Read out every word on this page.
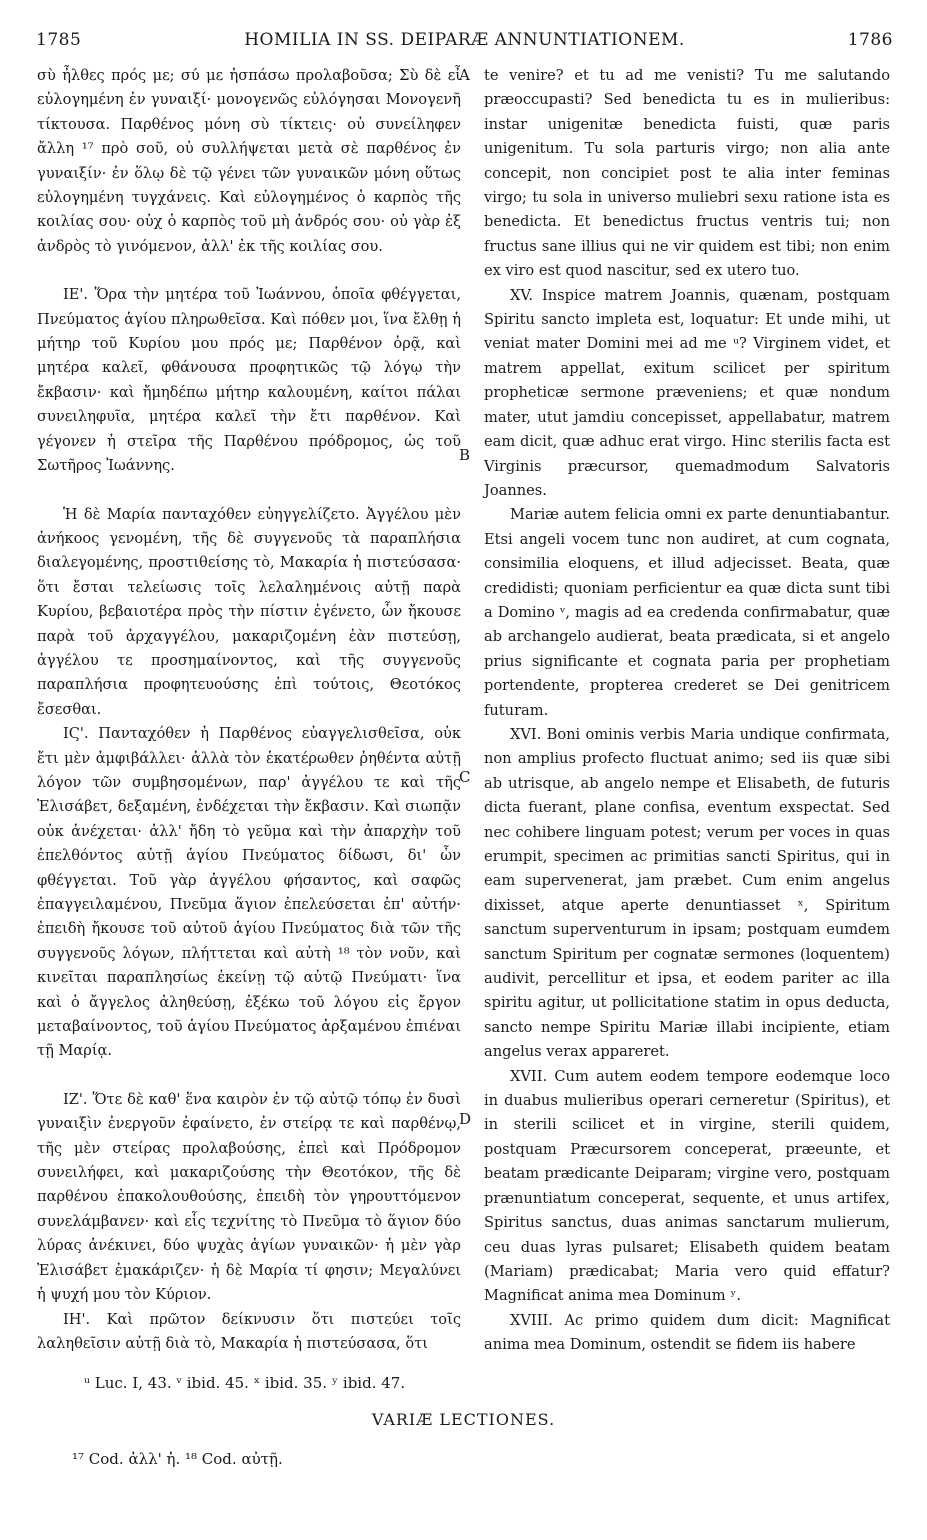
1785	HOMILIA IN SS. DEIPARÆ ANNUNTIATIONEM.	1786

σὺ ἦλθες πρός με; σύ με ἠσπάσω προλαβοῦσα; Σὺ δὲ εἶ εὐλογημένη ἐν γυναιξί· μονογενῶς εὐλόγησαι Μονογενῆ τίκτουσα. Παρθένος μόνη σὺ τίκτεις· οὐ συνείληφεν ἄλλη ¹⁷ πρὸ σοῦ, οὐ συλλήψεται μετὰ σὲ παρθένος ἐν γυναιξίν· ἐν ὅλῳ δὲ τῷ γένει τῶν γυναικῶν μόνη οὕτως εὐλογημένη τυγχάνεις. Καὶ εὐλογημένος ὁ καρπὸς τῆς κοιλίας σου· οὐχ ὁ καρπὸς τοῦ μὴ ἀνδρός σου· οὐ γὰρ ἐξ ἀνδρὸς τὸ γινόμενον, ἀλλ' ἐκ τῆς κοιλίας σου.

ΙΕ'. Ὅρα τὴν μητέρα τοῦ Ἰωάννου, ὁποῖα φθέγγεται, Πνεύματος ἁγίου πληρωθεῖσα. Καὶ πόθεν μοι, ἵνα ἔλθῃ ἡ μήτηρ τοῦ Κυρίου μου πρός με; Παρθένον ὁρᾷ, καὶ μητέρα καλεῖ, φθάνουσα προφητικῶς τῷ λόγῳ τὴν ἔκβασιν· καὶ ἤμηδέπω μήτηρ καλουμένη, καίτοι πάλαι συνειληφυῖα, μητέρα καλεῖ τὴν ἔτι παρθένον. Καὶ γέγονεν ἡ στεῖρα τῆς Παρθένου πρόδρομος, ὡς τοῦ Σωτῆρος Ἰωάννης.

Ἡ δὲ Μαρία πανταχόθεν εὐηγγελίζετο. Ἀγγέλου μὲν ἀνήκοος γενομένη, τῆς δὲ συγγενοῦς τὰ παραπλήσια διαλεγομένης, προστιθείσης τὸ, Μακαρία ἡ πιστεύσασα· ὅτι ἔσται τελείωσις τοῖς λελαλημένοις αὐτῇ παρὰ Κυρίου, βεβαιοτέρα πρὸς τὴν πίστιν ἐγένετο, ὧν ἤκουσε παρὰ τοῦ ἀρχαγγέλου, μακαριζομένη ἐὰν πιστεύσῃ, ἀγγέλου τε προσημαίνοντος, καὶ τῆς συγγενοῦς παραπλήσια προφητευούσης ἐπὶ τούτοις, Θεοτόκος ἔσεσθαι.

ΙϚ'. Πανταχόθεν ἡ Παρθένος εὐαγγελισθεῖσα, οὐκ ἔτι μὲν ἀμφιβάλλει· ἀλλὰ τὸν ἑκατέρωθεν ῥηθέντα αὐτῇ λόγον τῶν συμβησομένων, παρ' ἀγγέλου τε καὶ τῆς Ἐλισάβετ, δεξαμένη, ἐνδέχεται τὴν ἔκβασιν. Καὶ σιωπᾷν οὐκ ἀνέχεται· ἀλλ' ἤδη τὸ γεῦμα καὶ τὴν ἀπαρχὴν τοῦ ἐπελθόντος αὐτῇ ἁγίου Πνεύματος δίδωσι, δι' ὧν φθέγγεται. Τοῦ γὰρ ἀγγέλου φήσαντος, καὶ σαφῶς ἐπαγγειλαμένου, Πνεῦμα ἅγιον ἐπελεύσεται ἐπ' αὐτήν· ἐπειδὴ ἤκουσε τοῦ αὐτοῦ ἁγίου Πνεύματος διὰ τῶν τῆς συγγενοῦς λόγων, πλήττεται καὶ αὐτὴ ¹⁸ τὸν νοῦν, καὶ κινεῖται παραπλησίως ἐκείνῃ τῷ αὐτῷ Πνεύματι· ἵνα καὶ ὁ ἄγγελος ἀληθεύσῃ, ἐξέκω τοῦ λόγου εἰς ἔργον μεταβαίνοντος, τοῦ ἁγίου Πνεύματος ἀρξαμένου ἐπιέναι τῇ Μαρίᾳ.

ΙΖ'. Ὅτε δὲ καθ' ἕνα καιρὸν ἐν τῷ αὐτῷ τόπῳ ἐν δυσὶ γυναιξὶν ἐνεργοῦν ἐφαίνετο, ἐν στείρᾳ τε καὶ παρθένῳ, τῆς μὲν στείρας προλαβούσης, ἐπεὶ καὶ Πρόδρομον συνειλήφει, καὶ μακαριζούσης τὴν Θεοτόκον, τῆς δὲ παρθένου ἐπακολουθούσης, ἐπειδὴ τὸν γηρουττόμενον συνελάμβανεν· καὶ εἷς τεχνίτης τὸ Πνεῦμα τὸ ἅγιον δύο λύρας ἀνέκινει, δύο ψυχὰς ἁγίων γυναικῶν· ἡ μὲν γὰρ Ἐλισάβετ ἐμακάριζεν· ἡ δὲ Μαρία τί φησιν; Μεγαλύνει ἡ ψυχή μου τὸν Κύριον.

ΙΗ'. Καὶ πρῶτον δείκνυσιν ὅτι πιστεύει τοῖς λαληθεῖσιν αὐτῇ διὰ τὸ, Μακαρία ἡ πιστεύσασα, ὅτι

te venire? et tu ad me venisti? Tu me salutando præoccupasti? Sed benedicta tu es in mulieribus: instar unigenitæ benedicta fuisti, quæ paris unigenitum. Tu sola parturis virgo; non alia ante concepit, non concipiet post te alia inter feminas virgo; tu sola in universo muliebri sexu ratione ista es benedicta. Et benedictus fructus ventris tui; non fructus sane illius qui ne vir quidem est tibi; non enim ex viro est quod nascitur, sed ex utero tuo.

XV. Inspice matrem Joannis, quænam, postquam Spiritu sancto impleta est, loquatur: Et unde mihi, ut veniat mater Domini mei ad me ᵘ? Virginem videt, et matrem appellat, exitum scilicet per spiritum propheticæ sermone præveniens; et quæ nondum mater, utut jamdiu concepisset, appellabatur, matrem eam dicit, quæ adhuc erat virgo. Hinc sterilis facta est Virginis præcursor, quemadmodum Salvatoris Joannes.

Mariæ autem felicia omni ex parte denuntiabantur. Etsi angeli vocem tunc non audiret, at cum cognata, consimilia eloquens, et illud adjecisset. Beata, quæ credidisti; quoniam perficientur ea quæ dicta sunt tibi a Domino ᵛ, magis ad ea credenda confirmabatur, quæ ab archangelo audierat, beata prædicata, si et angelo prius significante et cognata paria per prophetiam portendente, propterea crederet se Dei genitricem futuram.

XVI. Boni ominis verbis Maria undique confirmata, non amplius profecto fluctuat animo; sed iis quæ sibi ab utrisque, ab angelo nempe et Elisabeth, de futuris dicta fuerant, plane confisa, eventum exspectat. Sed nec cohibere linguam potest; verum per voces in quas erumpit, specimen ac primitias sancti Spiritus, qui in eam supervenerat, jam præbet. Cum enim angelus dixisset, atque aperte denuntiasset ˣ, Spiritum sanctum superventurum in ipsam; postquam eumdem sanctum Spiritum per cognatæ sermones (loquentem) audivit, percellitur et ipsa, et eodem pariter ac illa spiritu agitur, ut pollicitatione statim in opus deducta, sancto nempe Spiritu Mariæ illabi incipiente, etiam angelus verax appareret.

XVII. Cum autem eodem tempore eodemque loco in duabus mulieribus operari cerneretur (Spiritus), et in sterili scilicet et in virgine, sterili quidem, postquam Præcursorem conceperat, præeunte, et beatam prædicante Deiparam; virgine vero, postquam prænuntiatum conceperat, sequente, et unus artifex, Spiritus sanctus, duas animas sanctarum mulierum, ceu duas lyras pulsaret; Elisabeth quidem beatam (Mariam) prædicabat; Maria vero quid effatur? Magnificat anima mea Dominum ʸ.

XVIII. Ac primo quidem dum dicit: Magnificat anima mea Dominum, ostendit se fidem iis habere

A
B
C
D
ᵘ Luc. I, 43. ᵛ ibid. 45. ˣ ibid. 35. ʸ ibid. 47.
VARIÆ LECTIONES.
¹⁷ Cod. ἀλλ' ἡ. ¹⁸ Cod. αὐτῇ.
